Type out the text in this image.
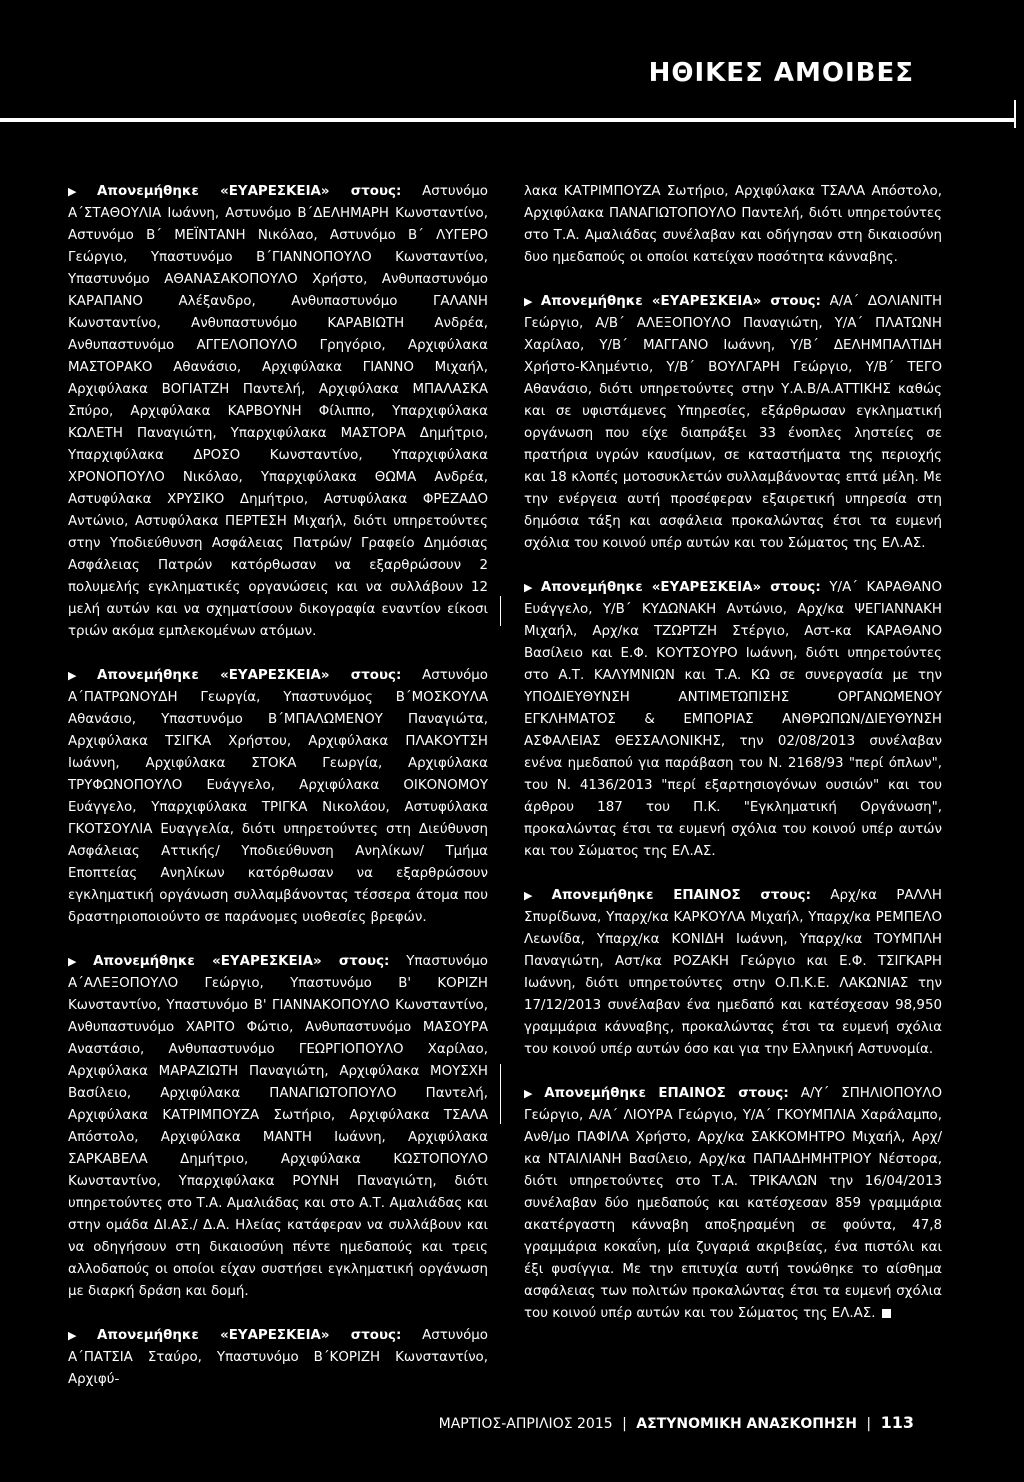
ΗΘΙΚΕΣ ΑΜΟΙΒΕΣ

▶ Απονεμήθηκε «ΕΥΑΡΕΣΚΕΙΑ» στους: Αστυνόμο Α΄ΣΤΑΘΟΥΛΙΑ Ιωάννη, Αστυνόμο Β΄ΔΕΛΗΜΑΡΗ Κωνσταντίνο, Αστυνόμο Β΄ ΜΕΪΝΤΑΝΗ Νικόλαο, Αστυνόμο Β΄ ΛΥΓΕΡΟ Γεώργιο, Υπαστυνόμο Β΄ΓΙΑΝΝΟΠΟΥΛΟ Κωνσταντίνο, Υπαστυνόμο ΑΘΑΝΑΣΑΚΟΠΟΥΛΟ Χρήστο, Ανθυπαστυνόμο ΚΑΡΑΠΑΝΟ Αλέξανδρο, Ανθυπαστυνόμο ΓΑΛΑΝΗ Κωνσταντίνο, Ανθυπαστυνόμο ΚΑΡΑΒΙΩΤΗ Ανδρέα, Ανθυπαστυνόμο ΑΓΓΕΛΟΠΟΥΛΟ Γρηγόριο, Αρχιφύλακα ΜΑΣΤΟΡΑΚΟ Αθανάσιο, Αρχιφύλακα ΓΙΑΝΝΟ Μιχαήλ, Αρχιφύλακα ΒΟΓΙΑΤΖΗ Παντελή, Αρχιφύλακα ΜΠΑΛΑΣΚΑ Σπύρο, Αρχιφύλακα ΚΑΡΒΟΥΝΗ Φίλιππο, Υπαρχιφύλακα ΚΩΛΕΤΗ Παναγιώτη, Υπαρχιφύλακα ΜΑΣΤΟΡΑ Δημήτριο, Υπαρχιφύλακα ΔΡΟΣΟ Κωνσταντίνο, Υπαρχιφύλακα ΧΡΟΝΟΠΟΥΛΟ Νικόλαο, Υπαρχιφύλακα ΘΩΜΑ Ανδρέα, Αστυφύλακα ΧΡΥΣΙΚΟ Δημήτριο, Αστυφύλακα ΦΡΕΖΑΔΟ Αντώνιο, Αστυφύλακα ΠΕΡΤΕΣΗ Μιχαήλ, διότι υπηρετούντες στην Υποδιεύθυνση Ασφάλειας Πατρών/ Γραφείο Δημόσιας Ασφάλειας Πατρών κατόρθωσαν να εξαρθρώσουν 2 πολυμελής εγκληματικές οργανώσεις και να συλλάβουν 12 μελή αυτών και να σχηματίσουν δικογραφία εναντίον είκοσι τριών ακόμα εμπλεκομένων ατόμων.

▶ Απονεμήθηκε «ΕΥΑΡΕΣΚΕΙΑ» στους: Αστυνόμο Α΄ΠΑΤΡΩΝΟΥΔΗ Γεωργία, Υπαστυνόμος Β΄ΜΟΣΚΟΥΛΑ Αθανάσιο, Υπαστυνόμο Β΄ΜΠΑΛΩΜΕΝΟΥ Παναγιώτα, Αρχιφύλακα ΤΣΙΓΚΑ Χρήστου, Αρχιφύλακα ΠΛΑΚΟΥΤΣΗ Ιωάννη, Αρχιφύλακα ΣΤΟΚΑ Γεωργία, Αρχιφύλακα ΤΡΥΦΩΝΟΠΟΥΛΟ Ευάγγελο, Αρχιφύλακα ΟΙΚΟΝΟΜΟΥ Ευάγγελο, Υπαρχιφύλακα ΤΡΙΓΚΑ Νικολάου, Αστυφύλακα ΓΚΟΤΣΟΥΛΙΑ Ευαγγελία, διότι υπηρετούντες στη Διεύθυνση Ασφάλειας Αττικής/ Υποδιεύθυνση Ανηλίκων/ Τμήμα Εποπτείας Ανηλίκων κατόρθωσαν να εξαρθρώσουν εγκληματική οργάνωση συλλαμβάνοντας τέσσερα άτομα που δραστηριοποιούντο σε παράνομες υιοθεσίες βρεφών.

▶ Απονεμήθηκε «ΕΥΑΡΕΣΚΕΙΑ» στους: Υπαστυνόμο Α΄ΑΛΕΞΟΠΟΥΛΟ Γεώργιο, Υπαστυνόμο Β' ΚΟΡΙΖΗ Κωνσταντίνο, Υπαστυνόμο Β' ΓΙΑΝΝΑΚΟΠΟΥΛΟ Κωνσταντίνο, Ανθυπαστυνόμο ΧΑΡΙΤΟ Φώτιο, Ανθυπαστυνόμο ΜΑΣΟΥΡΑ Αναστάσιο, Ανθυπαστυνόμο ΓΕΩΡΓΙΟΠΟΥΛΟ Χαρίλαο, Αρχιφύλακα ΜΑΡΑΖΙΩΤΗ Παναγιώτη, Αρχιφύλακα ΜΟΥΣΧΗ Βασίλειο, Αρχιφύλακα ΠΑΝΑΓΙΩΤΟΠΟΥΛΟ Παντελή, Αρχιφύλακα ΚΑΤΡΙΜΠΟΥΖΑ Σωτήριο, Αρχιφύλακα ΤΣΑΛΑ Απόστολο, Αρχιφύλακα ΜΑΝΤΗ Ιωάννη, Αρχιφύλακα ΣΑΡΚΑΒΕΛΑ Δημήτριο, Αρχιφύλακα ΚΩΣΤΟΠΟΥΛΟ Κωνσταντίνο, Υπαρχιφύλακα ΡΟΥΝΗ Παναγιώτη, διότι υπηρετούντες στο Τ.Α. Αμαλιάδας και στο Α.Τ. Αμαλιάδας και στην ομάδα ΔΙ.ΑΣ./ Δ.Α. Ηλείας κατάφεραν να συλλάβουν και να οδηγήσουν στη δικαιοσύνη πέντε ημεδαπούς και τρεις αλλοδαπούς οι οποίοι είχαν συστήσει εγκληματική οργάνωση με διαρκή δράση και δομή.

▶ Απονεμήθηκε «ΕΥΑΡΕΣΚΕΙΑ» στους: Αστυνόμο Α΄ΠΑΤΣΙΑ Σταύρο, Υπαστυνόμο Β΄ΚΟΡΙΖΗ Κωνσταντίνο, Αρχιφύ-

λακα ΚΑΤΡΙΜΠΟΥΖΑ Σωτήριο, Αρχιφύλακα ΤΣΑΛΑ Απόστολο, Αρχιφύλακα ΠΑΝΑΓΙΩΤΟΠΟΥΛΟ Παντελή, διότι υπηρετούντες στο Τ.Α. Αμαλιάδας συνέλαβαν και οδήγησαν στη δικαιοσύνη δυο ημεδαπούς οι οποίοι κατείχαν ποσότητα κάνναβης.

▶ Απονεμήθηκε «ΕΥΑΡΕΣΚΕΙΑ» στους: Α/Α΄ ΔΟΛΙΑΝΙΤΗ Γεώργιο, Α/Β΄ ΑΛΕΞΟΠΟΥΛΟ Παναγιώτη, Υ/Α΄ ΠΛΑΤΩΝΗ Χαρίλαο, Υ/Β΄ ΜΑΓΓΑΝΟ Ιωάννη, Υ/Β΄ ΔΕΛΗΜΠΑΛΤΙΔΗ Χρήστο-Κλημέντιο, Υ/Β΄ ΒΟΥΛΓΑΡΗ Γεώργιο, Υ/Β΄ ΤΕΓΟ Αθανάσιο, διότι υπηρετούντες στην Υ.Α.Β/Α.ΑΤΤΙΚΗΣ καθώς και σε υφιστάμενες Υπηρεσίες, εξάρθρωσαν εγκληματική οργάνωση που είχε διαπράξει 33 ένοπλες ληστείες σε πρατήρια υγρών καυσίμων, σε καταστήματα της περιοχής και 18 κλοπές μοτοσυκλετών συλλαμβάνοντας επτά μέλη. Με την ενέργεια αυτή προσέφεραν εξαιρετική υπηρεσία στη δημόσια τάξη και ασφάλεια προκαλώντας έτσι τα ευμενή σχόλια του κοινού υπέρ αυτών και του Σώματος της ΕΛ.ΑΣ.

▶ Απονεμήθηκε «ΕΥΑΡΕΣΚΕΙΑ» στους: Υ/Α΄ ΚΑΡΑΘΑΝΟ Ευάγγελο, Υ/Β΄ ΚΥΔΩΝΑΚΗ Αντώνιο, Αρχ/κα ΨΕΓΙΑΝΝΑΚΗ Μιχαήλ, Αρχ/κα ΤΖΩΡΤΖΗ Στέργιο, Αστ-κα ΚΑΡΑΘΑΝΟ Βασίλειο και Ε.Φ. ΚΟΥΤΣΟΥΡΟ Ιωάννη, διότι υπηρετούντες στο Α.Τ. ΚΑΛΥΜΝΙΩΝ και Τ.Α. ΚΩ σε συνεργασία με την ΥΠΟΔΙΕΥΘΥΝΣΗ ΑΝΤΙΜΕΤΩΠΙΣΗΣ ΟΡΓΑΝΩΜΕΝΟΥ ΕΓΚΛΗΜΑΤΟΣ & ΕΜΠΟΡΙΑΣ ΑΝΘΡΩΠΩΝ/ΔΙΕΥΘΥΝΣΗ ΑΣΦΑΛΕΙΑΣ ΘΕΣΣΑΛΟΝΙΚΗΣ, την 02/08/2013 συνέλαβαν ενένα ημεδαπού για παράβαση του Ν. 2168/93 "περί όπλων", του Ν. 4136/2013 "περί εξαρτησιογόνων ουσιών" και του άρθρου 187 του Π.Κ. "Εγκληματική Οργάνωση", προκαλώντας έτσι τα ευμενή σχόλια του κοινού υπέρ αυτών και του Σώματος της ΕΛ.ΑΣ.

▶ Απονεμήθηκε ΕΠΑΙΝΟΣ στους: Αρχ/κα ΡΑΛΛΗ Σπυρίδωνα, Υπαρχ/κα ΚΑΡΚΟΥΛΑ Μιχαήλ, Υπαρχ/κα ΡΕΜΠΕΛΟ Λεωνίδα, Υπαρχ/κα ΚΟΝΙΔΗ Ιωάννη, Υπαρχ/κα ΤΟΥΜΠΛΗ Παναγιώτη, Αστ/κα ΡΟΖΑΚΗ Γεώργιο και Ε.Φ. ΤΣΙΓΚΑΡΗ Ιωάννη, διότι υπηρετούντες στην Ο.Π.Κ.Ε. ΛΑΚΩΝΙΑΣ την 17/12/2013 συνέλαβαν ένα ημεδαπό και κατέσχεσαν 98,950 γραμμάρια κάνναβης, προκαλώντας έτσι τα ευμενή σχόλια του κοινού υπέρ αυτών όσο και για την Ελληνική Αστυνομία.

▶ Απονεμήθηκε ΕΠΑΙΝΟΣ στους: Α/Υ΄ ΣΠΗΛΙΟΠΟΥΛΟ Γεώργιο, Α/Α΄ ΛΙΟΥΡΑ Γεώργιο, Υ/Α΄ ΓΚΟΥΜΠΛΙΑ Χαράλαμπο, Ανθ/μο ΠΑΦΙΛΑ Χρήστο, Αρχ/κα ΣΑΚΚΟΜΗΤΡΟ Μιχαήλ, Αρχ/κα ΝΤΑΙΛΙΑΝΗ Βασίλειο, Αρχ/κα ΠΑΠΑΔΗΜΗΤΡΙΟΥ Νέστορα, διότι υπηρετούντες στο Τ.Α. ΤΡΙΚΑΛΩΝ την 16/04/2013 συνέλαβαν δύο ημεδαπούς και κατέσχεσαν 859 γραμμάρια ακατέργαστη κάνναβη αποξηραμένη σε φούντα, 47,8 γραμμάρια κοκαΐνη, μία ζυγαριά ακριβείας, ένα πιστόλι και έξι φυσίγγια. Με την επιτυχία αυτή τονώθηκε το αίσθημα ασφάλειας των πολιτών προκαλώντας έτσι τα ευμενή σχόλια του κοινού υπέρ αυτών και του Σώματος της ΕΛ.ΑΣ.

ΜΑΡΤΙΟΣ-ΑΠΡΙΛΙΟΣ 2015 | ΑΣΤΥΝΟΜΙΚΗ ΑΝΑΣΚΟΠΗΣΗ | 113
